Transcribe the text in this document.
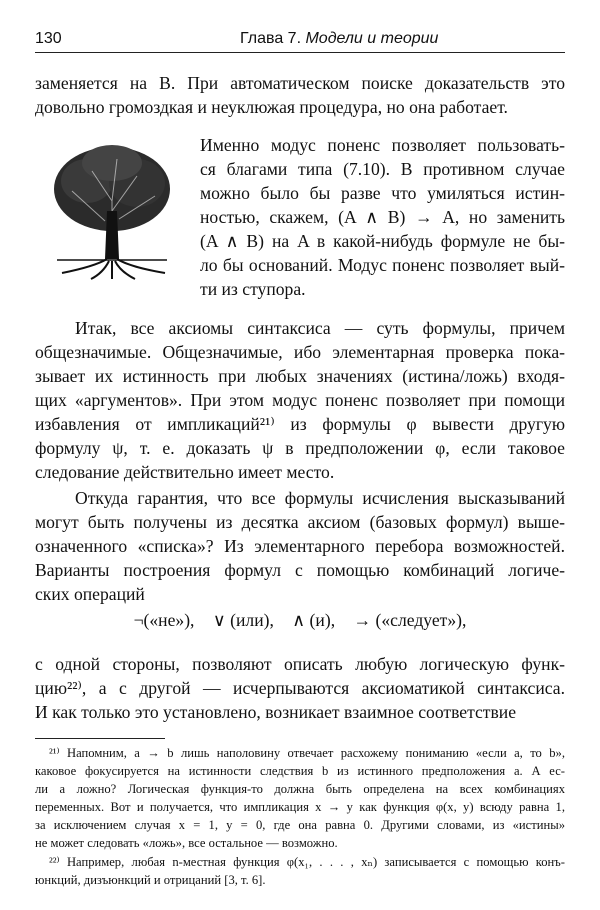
130	Глава 7. Модели и теории
заменяется на B. При автоматическом поиске доказательств это
довольно громоздкая и неуклюжая процедура, но она работает.
Именно модус поненс позволяет пользовать-
ся благами типа (7.10). В противном случае
можно было бы разве что умиляться истин-
ностью, скажем, (A ∧ B) → A, но заменить
(A ∧ B) на A в какой-нибудь формуле не бы-
ло бы оснований. Модус поненс позволяет вый-
ти из ступора.
Итак, все аксиомы синтаксиса — суть формулы, причем
общезначимые. Общезначимые, ибо элементарная проверка пока-
зывает их истинность при любых значениях (истина/ложь) входя-
щих «аргументов». При этом модус поненс позволяет при помощи
избавления от импликаций²¹⁾ из формулы φ вывести другую
формулу ψ, т. е. доказать ψ в предположении φ, если таковое
следование действительно имеет место.
Откуда гарантия, что все формулы исчисления высказываний
могут быть получены из десятка аксиом (базовых формул) выше-
означенного «списка»? Из элементарного перебора возможностей.
Варианты построения формул с помощью комбинаций логиче-
ских операций
¬(«не»), ∨ (или), ∧ (и), → («следует»),
с одной стороны, позволяют описать любую логическую функ-
цию²²⁾, а с другой — исчерпываются аксиоматикой синтаксиса.
И как только это установлено, возникает взаимное соответствие
²¹⁾ Напомним, a → b лишь наполовину отвечает расхожему пониманию «если a, то b»,
каковое фокусируется на истинности следствия b из истинного предположения a. А ес-
ли a ложно? Логическая функция-то должна быть определена на всех комбинациях
переменных. Вот и получается, что импликация x → y как функция φ(x, y) всюду равна 1,
за исключением случая x = 1, y = 0, где она равна 0. Другими словами, из «истины»
не может следовать «ложь», все остальное — возможно.
²²⁾ Например, любая n-местная функция φ(x₁, . . . , xₙ) записывается с помощью конъ-
юнкций, дизъюнкций и отрицаний [3, т. 6].
